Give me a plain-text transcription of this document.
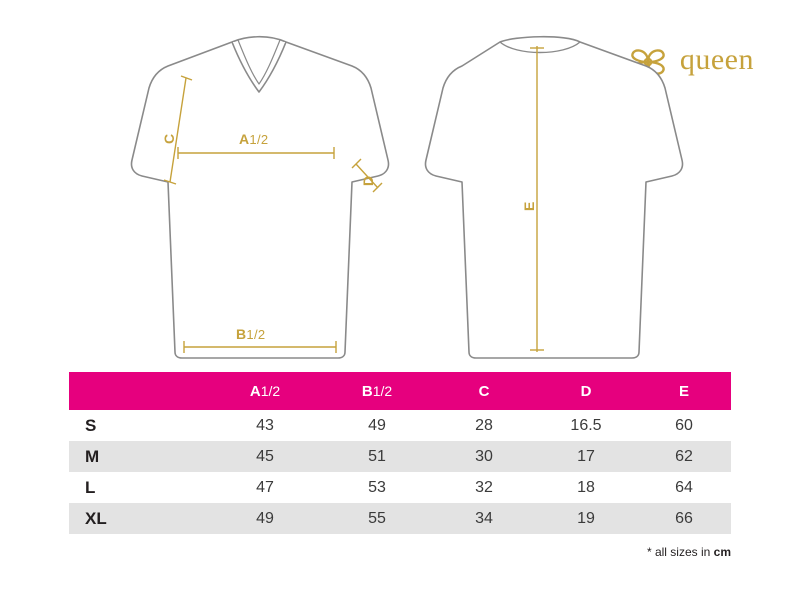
queen
A1/2
B1/2
C
D
E
	A1/2	B1/2	C	D	E
S	43	49	28	16.5	60
M	45	51	30	17	62
L	47	53	32	18	64
XL	49	55	34	19	66
* all sizes in cm
